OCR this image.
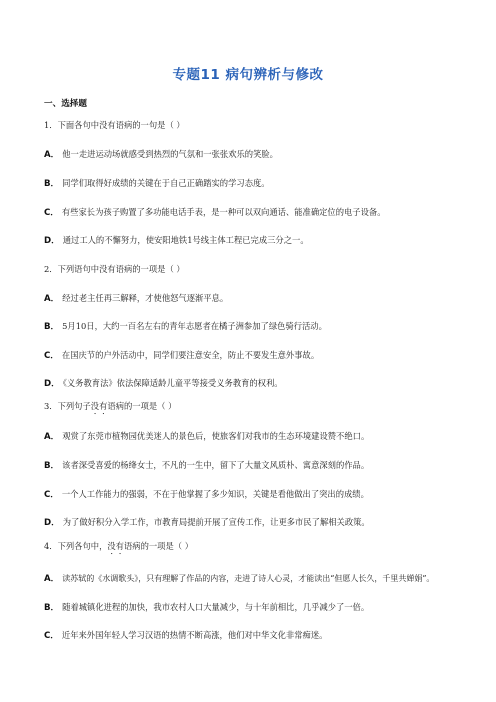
专题11 病句辨析与修改
一、选择题
1．下面各句中没有语病的一句是（ ）
A． 他一走进运动场就感受到热烈的气氛和一张张欢乐的笑脸。
B． 同学们取得好成绩的关键在于自己正确踏实的学习态度。
C． 有些家长为孩子购置了多功能电话手表，是一种可以双向通话、能准确定位的电子设备。
D． 通过工人的不懈努力，使安阳地铁1号线主体工程已完成三分之一。
2．下列语句中没有语病的一项是（ ）
A． 经过老主任再三解释，才使他怒气逐渐平息。
B． 5月10日，大约一百名左右的青年志愿者在橘子洲参加了绿色骑行活动。
C． 在国庆节的户外活动中，同学们要注意安全，防止不要发生意外事故。
D． 《义务教育法》依法保障适龄儿童平等接受义务教育的权利。
3．下列句子没有语病的一项是（ ）
A． 观赏了东莞市植物园优美迷人的景色后，使旅客们对我市的生态环境建设赞不绝口。
B． 该者深受喜爱的杨绛女士，不凡的一生中，留下了大量文风质朴、寓意深刻的作品。
C． 一个人工作能力的强弱，不在于他掌握了多少知识，关键是看他做出了突出的成绩。
D． 为了做好积分入学工作，市教育局提前开展了宣传工作，让更多市民了解相关政策。
4．下列各句中，没有语病的一项是（ ）
A． 读苏轼的《水调歌头》，只有理解了作品的内容，走进了诗人心灵，才能读出“但愿人长久，千里共婵娟”。
B． 随着城镇化进程的加快，我市农村人口大量减少，与十年前相比，几乎减少了一倍。
C． 近年来外国年轻人学习汉语的热情不断高涨，他们对中华文化非常痴迷。
